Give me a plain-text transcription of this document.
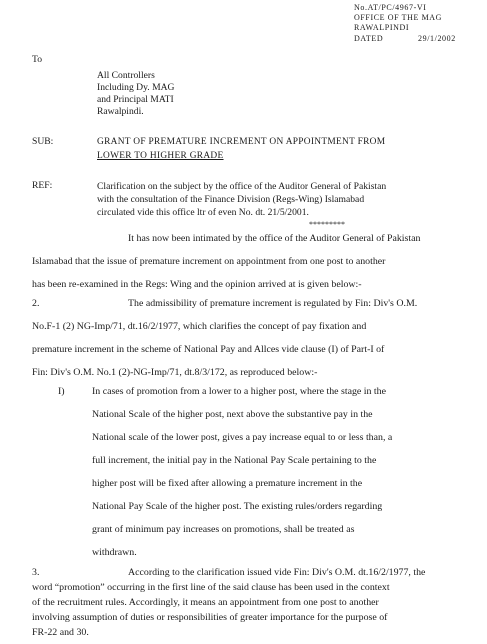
No.AT/PC/4967-VI
OFFICE OF THE MAG
RAWALPINDI
DATED	29/1/2002
To
All Controllers
Including Dy. MAG
and Principal MATI
Rawalpindi.
SUB:	GRANT OF PREMATURE INCREMENT ON APPOINTMENT FROM
LOWER TO HIGHER GRADE
REF:	Clarification on the subject by the office of the Auditor General of Pakistan
with the consultation of the Finance Division (Regs-Wing) Islamabad
circulated vide this office ltr of even No. dt. 21/5/2001.
*********
It has now been intimated by the office of the Auditor General of Pakistan
Islamabad that the issue of premature increment on appointment from one post to another
has been re-examined in the Regs: Wing and the opinion arrived at is given below:-
2.	The admissibility of premature increment is regulated by Fin: Div's O.M.
No.F-1 (2) NG-Imp/71, dt.16/2/1977, which clarifies the concept of pay fixation and
premature increment in the scheme of National Pay and Allces vide clause (I) of Part-I of
Fin: Div's O.M. No.1 (2)-NG-Imp/71, dt.8/3/172, as reproduced below:-
I)	In cases of promotion from a lower to a higher post, where the stage in the
National Scale of the higher post, next above the substantive pay in the
National scale of the lower post, gives a pay increase equal to or less than, a
full increment, the initial pay in the National Pay Scale pertaining to the
higher post will be fixed after allowing a premature increment in the
National Pay Scale of the higher post. The existing rules/orders regarding
grant of minimum pay increases on promotions, shall be treated as
withdrawn.
3.	According to the clarification issued vide Fin: Div's O.M. dt.16/2/1977, the
word “promotion” occurring in the first line of the said clause has been used in the context
of the recruitment rules. Accordingly, it means an appointment from one post to another
involving assumption of duties or responsibilities of greater importance for the purpose of
FR-22 and 30.
